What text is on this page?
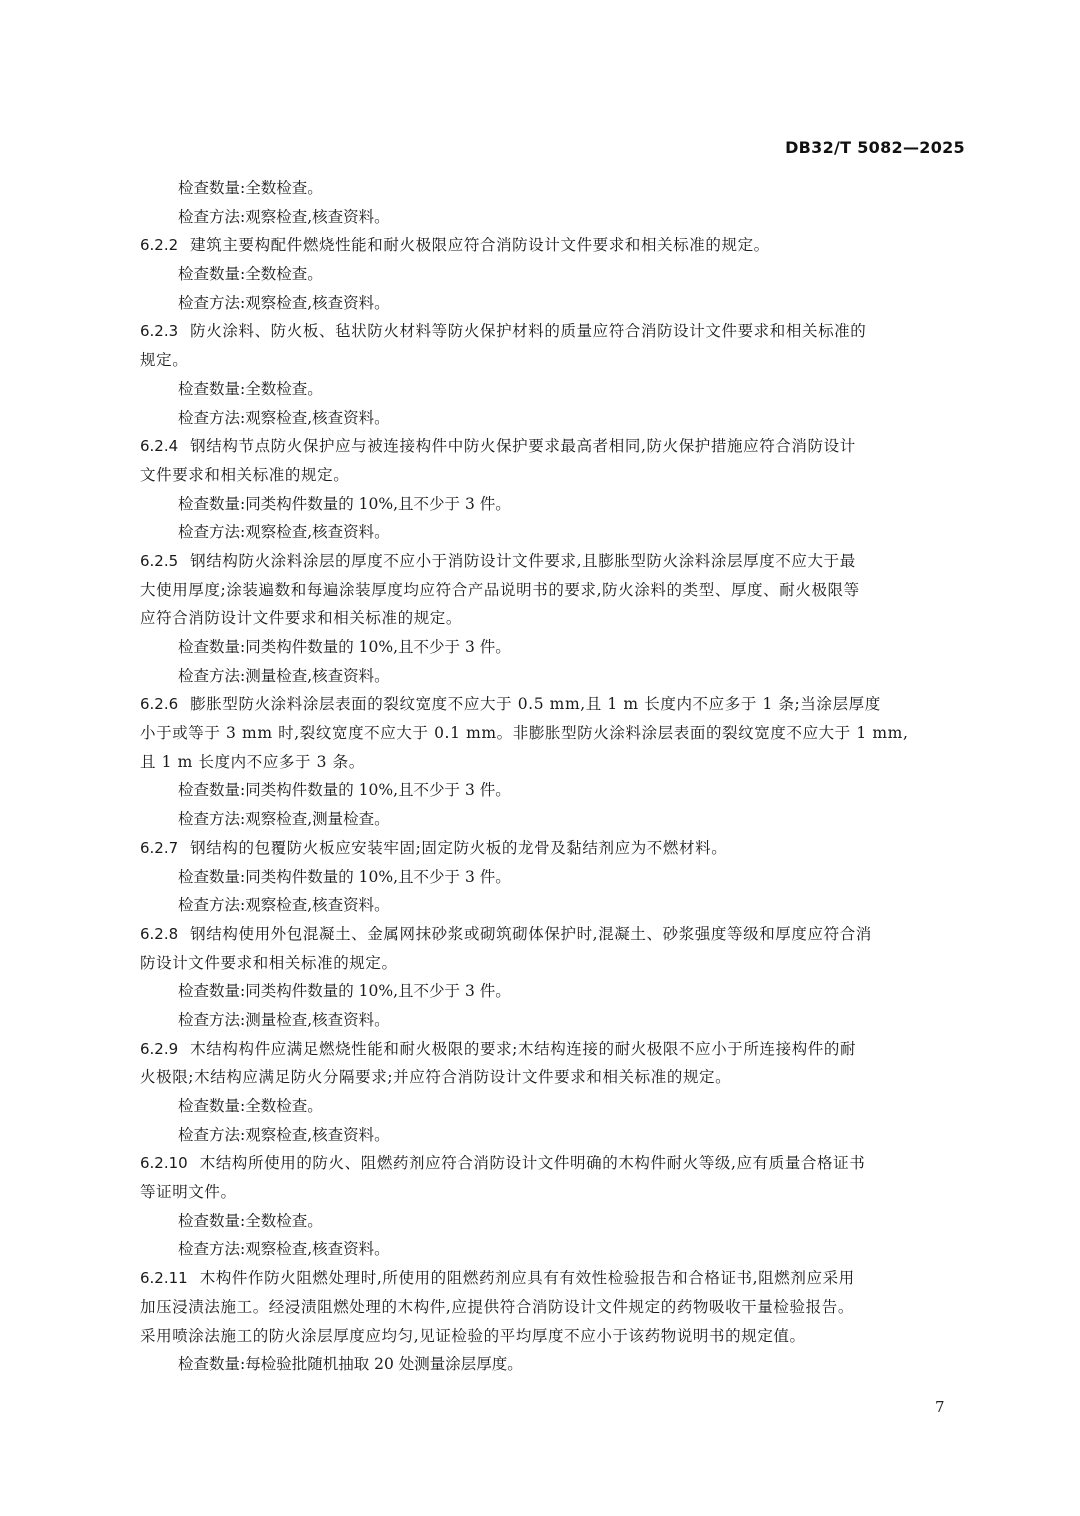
DB32/T 5082—2025
检查数量:全数检查。
检查方法:观察检查,核查资料。
6.2.2 建筑主要构配件燃烧性能和耐火极限应符合消防设计文件要求和相关标准的规定。
检查数量:全数检查。
检查方法:观察检查,核查资料。
6.2.3 防火涂料、防火板、毡状防火材料等防火保护材料的质量应符合消防设计文件要求和相关标准的
规定。
检查数量:全数检查。
检查方法:观察检查,核查资料。
6.2.4 钢结构节点防火保护应与被连接构件中防火保护要求最高者相同,防火保护措施应符合消防设计
文件要求和相关标准的规定。
检查数量:同类构件数量的 10%,且不少于 3 件。
检查方法:观察检查,核查资料。
6.2.5 钢结构防火涂料涂层的厚度不应小于消防设计文件要求,且膨胀型防火涂料涂层厚度不应大于最
大使用厚度;涂装遍数和每遍涂装厚度均应符合产品说明书的要求,防火涂料的类型、厚度、耐火极限等
应符合消防设计文件要求和相关标准的规定。
检查数量:同类构件数量的 10%,且不少于 3 件。
检查方法:测量检查,核查资料。
6.2.6 膨胀型防火涂料涂层表面的裂纹宽度不应大于 0.5 mm,且 1 m 长度内不应多于 1 条;当涂层厚度
小于或等于 3 mm 时,裂纹宽度不应大于 0.1 mm。非膨胀型防火涂料涂层表面的裂纹宽度不应大于 1 mm,
且 1 m 长度内不应多于 3 条。
检查数量:同类构件数量的 10%,且不少于 3 件。
检查方法:观察检查,测量检查。
6.2.7 钢结构的包覆防火板应安装牢固;固定防火板的龙骨及黏结剂应为不燃材料。
检查数量:同类构件数量的 10%,且不少于 3 件。
检查方法:观察检查,核查资料。
6.2.8 钢结构使用外包混凝土、金属网抹砂浆或砌筑砌体保护时,混凝土、砂浆强度等级和厚度应符合消
防设计文件要求和相关标准的规定。
检查数量:同类构件数量的 10%,且不少于 3 件。
检查方法:测量检查,核查资料。
6.2.9 木结构构件应满足燃烧性能和耐火极限的要求;木结构连接的耐火极限不应小于所连接构件的耐
火极限;木结构应满足防火分隔要求;并应符合消防设计文件要求和相关标准的规定。
检查数量:全数检查。
检查方法:观察检查,核查资料。
6.2.10 木结构所使用的防火、阻燃药剂应符合消防设计文件明确的木构件耐火等级,应有质量合格证书
等证明文件。
检查数量:全数检查。
检查方法:观察检查,核查资料。
6.2.11 木构件作防火阻燃处理时,所使用的阻燃药剂应具有有效性检验报告和合格证书,阻燃剂应采用
加压浸渍法施工。经浸渍阻燃处理的木构件,应提供符合消防设计文件规定的药物吸收干量检验报告。
采用喷涂法施工的防火涂层厚度应均匀,见证检验的平均厚度不应小于该药物说明书的规定值。
检查数量:每检验批随机抽取 20 处测量涂层厚度。
7
